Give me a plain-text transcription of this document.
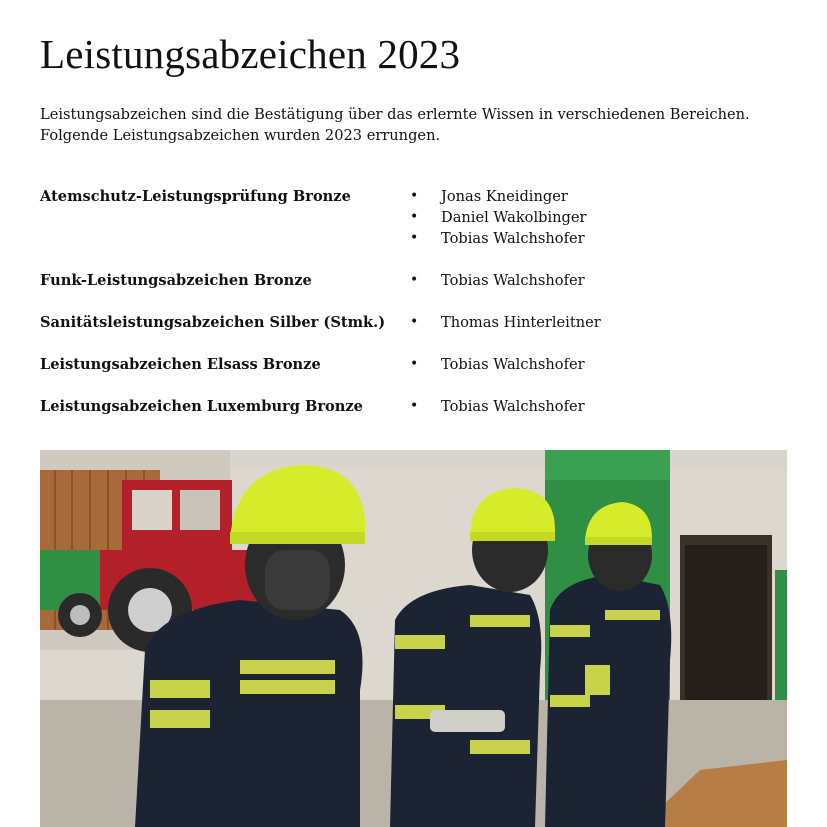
Leistungsabzeichen 2023

Leistungsabzeichen sind die Bestätigung über das erlernte Wissen in verschiedenen Bereichen.

Folgende Leistungsabzeichen wurden 2023 errungen.

Atemschutz-Leistungsprüfung Bronze	• Jonas Kneidinger
• Daniel Wakolbinger
• Tobias Walchshofer
Funk-Leistungsabzeichen Bronze	• Tobias Walchshofer
Sanitätsleistungsabzeichen Silber (Stmk.)	• Thomas Hinterleitner
Leistungsabzeichen Elsass Bronze	• Tobias Walchshofer
Leistungsabzeichen Luxemburg Bronze	• Tobias Walchshofer
